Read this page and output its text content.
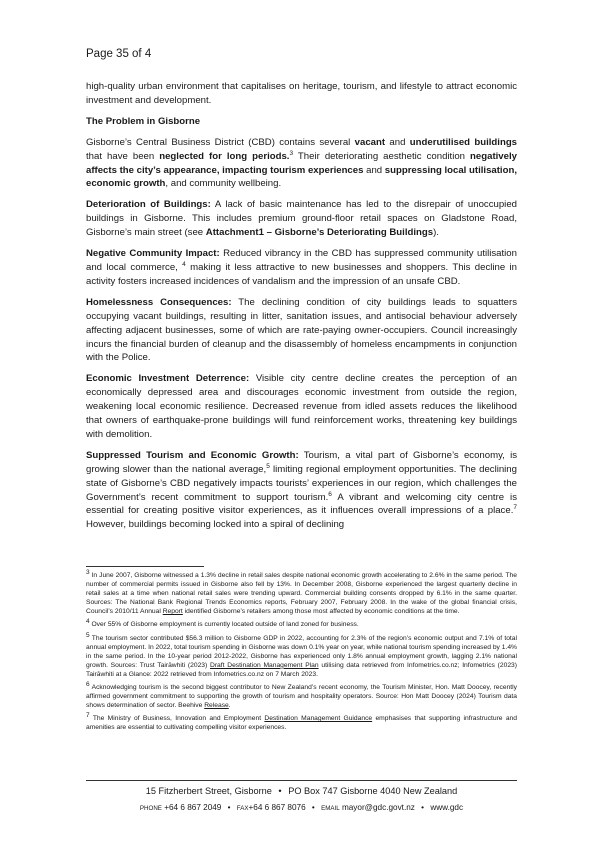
Page 35 of 4

high-quality urban environment that capitalises on heritage, tourism, and lifestyle to attract economic investment and development.

The Problem in Gisborne

Gisborne’s Central Business District (CBD) contains several vacant and underutilised buildings that have been neglected for long periods.$^3$ Their deteriorating aesthetic condition negatively affects the city’s appearance, impacting tourism experiences and suppressing local utilisation, economic growth, and community wellbeing.

Deterioration of Buildings: A lack of basic maintenance has led to the disrepair of unoccupied buildings in Gisborne. This includes premium ground-floor retail spaces on Gladstone Road, Gisborne’s main street (see Attachment1 – Gisborne’s Deteriorating Buildings).

Negative Community Impact: Reduced vibrancy in the CBD has suppressed community utilisation and local commerce, $^4$ making it less attractive to new businesses and shoppers. This decline in activity fosters increased incidences of vandalism and the impression of an unsafe CBD.

Homelessness Consequences: The declining condition of city buildings leads to squatters occupying vacant buildings, resulting in litter, sanitation issues, and antisocial behaviour adversely affecting adjacent businesses, some of which are rate-paying owner-occupiers. Council increasingly incurs the financial burden of cleanup and the disassembly of homeless encampments in conjunction with the Police.

Economic Investment Deterrence: Visible city centre decline creates the perception of an economically depressed area and discourages economic investment from outside the region, weakening local economic resilience. Decreased revenue from idled assets reduces the likelihood that owners of earthquake-prone buildings will fund reinforcement works, threatening key buildings with demolition.

Suppressed Tourism and Economic Growth: Tourism, a vital part of Gisborne’s economy, is growing slower than the national average,$^5$ limiting regional employment opportunities. The declining state of Gisborne’s CBD negatively impacts tourists’ experiences in our region, which challenges the Government’s recent commitment to support tourism.$^6$ A vibrant and welcoming city centre is essential for creating positive visitor experiences, as it influences overall impressions of a place.$^7$ However, buildings becoming locked into a spiral of declining

$^3$ In June 2007, Gisborne witnessed a 1.3% decline in retail sales despite national economic growth accelerating to 2.6% in the same period. The number of commercial permits issued in Gisborne also fell by 13%. In December 2008, Gisborne experienced the largest quarterly decline in retail sales at a time when national retail sales were trending upward. Commercial building consents dropped by 6.1% in the same quarter. Sources: The National Bank Regional Trends Economics reports, February 2007, February 2008. In the wake of the global financial crisis, Council’s 2010/11 Annual Report identified Gisborne’s retailers among those most affected by economic conditions at the time.

$^4$ Over 55% of Gisborne employment is currently located outside of land zoned for business.

$^5$ The tourism sector contributed $56.3 million to Gisborne GDP in 2022, accounting for 2.3% of the region’s economic output and 7.1% of total annual employment. In 2022, total tourism spending in Gisborne was down 0.1% year on year, while national tourism spending increased by 1.4% in the same period. In the 10-year period 2012-2022, Gisborne has experienced only 1.8% annual employment growth, lagging 2.1% national growth. Sources: Trust Tairāwhiti (2023) Draft Destination Management Plan utilising data retrieved from Infometrics.co.nz; Infometrics (2023) Tairāwhiti at a Glance: 2022 retrieved from Infometrics.co.nz on 7 March 2023.

$^6$ Acknowledging tourism is the second biggest contributor to New Zealand’s recent economy, the Tourism Minister, Hon. Matt Doocey, recently affirmed government commitment to supporting the growth of tourism and hospitality operators. Source: Hon Matt Doocey (2024) Tourism data shows determination of sector. Beehive Release.

$^7$ The Ministry of Business, Innovation and Employment Destination Management Guidance emphasises that supporting infrastructure and amenities are essential to cultivating compelling visitor experiences.

15 Fitzherbert Street, Gisborne • PO Box 747 Gisborne 4040 New Zealand
PHONE +64 6 867 2049 • FAX+64 6 867 8076 • EMAIL mayor@gdc.govt.nz • www.gdc
